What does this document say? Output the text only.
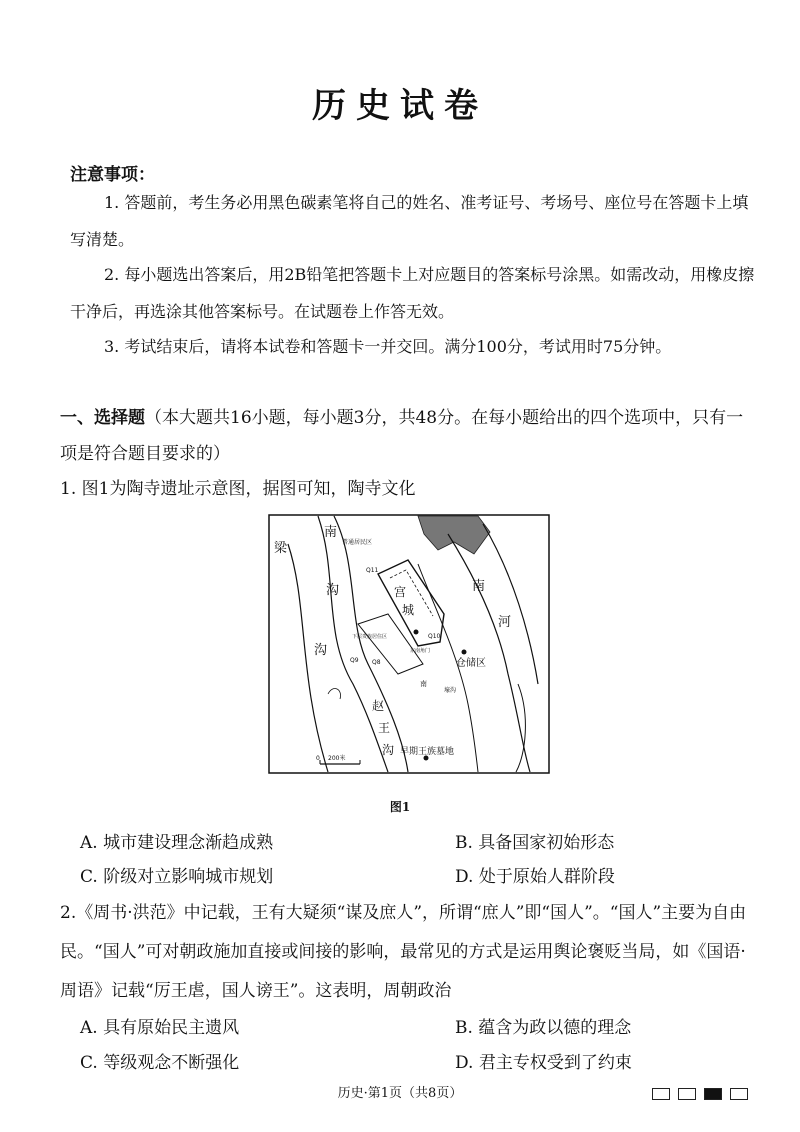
历史试卷
注意事项：
1. 答题前，考生务必用黑色碳素笔将自己的姓名、准考证号、考场号、座位号在答题卡上填写清楚。
2. 每小题选出答案后，用2B铅笔把答题卡上对应题目的答案标号涂黑。如需改动，用橡皮擦干净后，再选涂其他答案标号。在试题卷上作答无效。
3. 考试结束后，请将本试卷和答题卡一并交回。满分100分，考试用时75分钟。
一、选择题（本大题共16小题，每小题3分，共48分。在每小题给出的四个选项中，只有一项是符合题目要求的）
1. 图1为陶寺遗址示意图，据图可知，陶寺文化
梁
南
沟
沟
普通居民区
宫
城
南
河
仓储区
下层贵族居住区
赵
王
沟 早期王族墓地
200米
0
Q11
Q10
Q8
Q9
东南角门
南
壕沟
图1
A. 城市建设理念渐趋成熟	B. 具备国家初始形态
C. 阶级对立影响城市规划	D. 处于原始人群阶段
2.《周书·洪范》中记载，王有大疑须“谋及庶人”，所谓“庶人”即“国人”。“国人”主要为自由民。“国人”可对朝政施加直接或间接的影响，最常见的方式是运用舆论褒贬当局，如《国语·周语》记载“厉王虐，国人谤王”。这表明，周朝政治
A. 具有原始民主遗风	B. 蕴含为政以德的理念
C. 等级观念不断强化	D. 君主专权受到了约束
历史·第1页（共8页）
